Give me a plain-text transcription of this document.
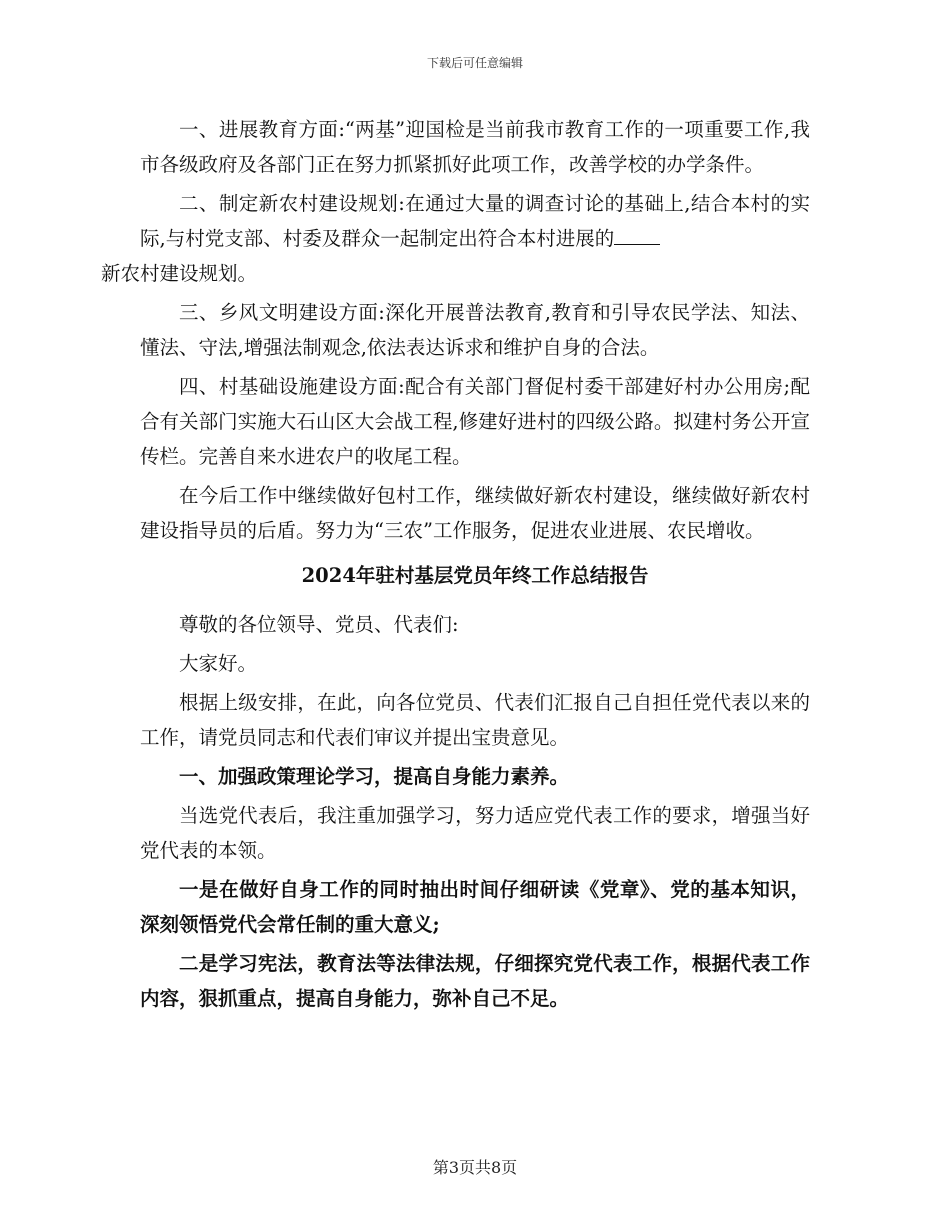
下载后可任意编辑

一、进展教育方面:“两基”迎国检是当前我市教育工作的一项重要工作,我市各级政府及各部门正在努力抓紧抓好此项工作，改善学校的办学条件。

二、制定新农村建设规划:在通过大量的调查讨论的基础上,结合本村的实际,与村党支部、村委及群众一起制定出符合本村进展的
新农村建设规划。

三、乡风文明建设方面:深化开展普法教育,教育和引导农民学法、知法、懂法、守法,增强法制观念,依法表达诉求和维护自身的合法。

四、村基础设施建设方面:配合有关部门督促村委干部建好村办公用房;配合有关部门实施大石山区大会战工程,修建好进村的四级公路。拟建村务公开宣传栏。完善自来水进农户的收尾工程。

在今后工作中继续做好包村工作，继续做好新农村建设，继续做好新农村建设指导员的后盾。努力为“三农”工作服务，促进农业进展、农民增收。

2024年驻村基层党员年终工作总结报告

尊敬的各位领导、党员、代表们:

大家好。

根据上级安排，在此，向各位党员、代表们汇报自己自担任党代表以来的工作，请党员同志和代表们审议并提出宝贵意见。

一、加强政策理论学习，提高自身能力素养。

当选党代表后，我注重加强学习，努力适应党代表工作的要求，增强当好党代表的本领。

一是在做好自身工作的同时抽出时间仔细研读《党章》、党的基本知识，深刻领悟党代会常任制的重大意义;

二是学习宪法，教育法等法律法规，仔细探究党代表工作，根据代表工作内容，狠抓重点，提高自身能力，弥补自己不足。

第3页共8页
